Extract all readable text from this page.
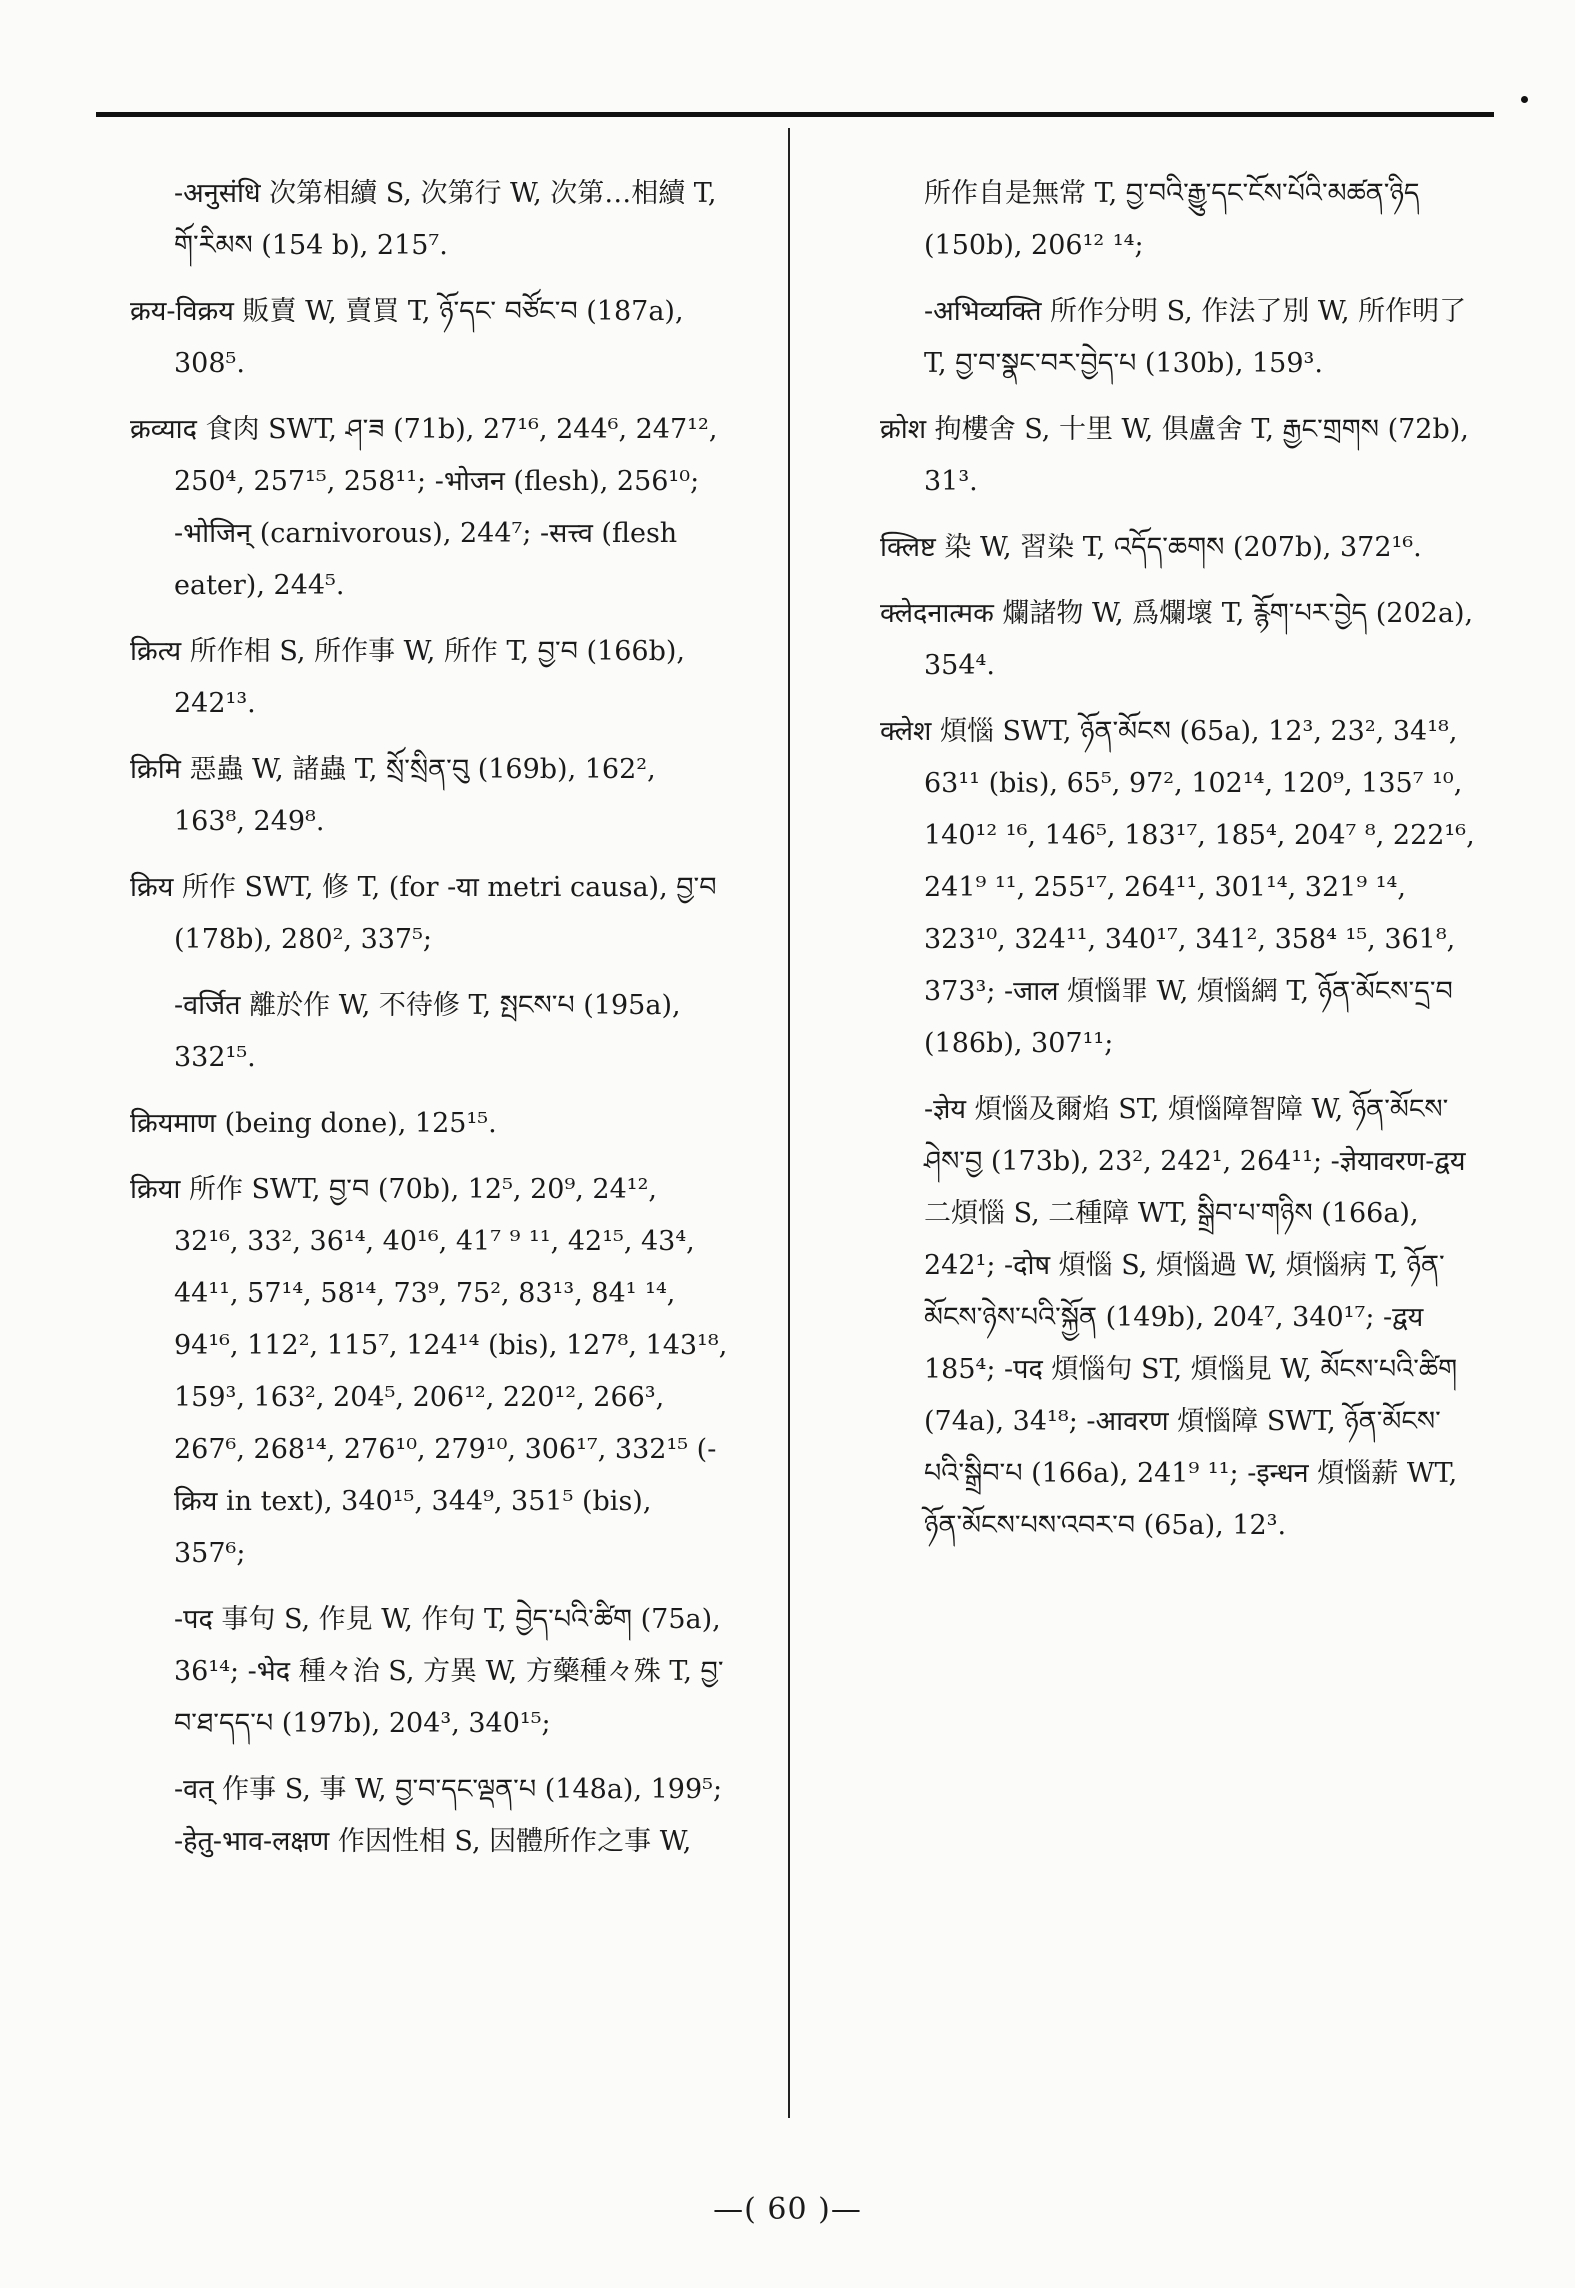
-अनुसंधि 次第相續 S, 次第行 W, 次第…相續 T, གོ་རིམས (154 b), 215⁷.
क्रय-विक्रय 販賣 W, 賣買 T, ཉོ་དང་ བཙོང་བ (187a), 308⁵.
क्रव्याद 食肉 SWT, ཤ་ཟ (71b), 27¹⁶, 244⁶, 247¹², 250⁴, 257¹⁵, 258¹¹; -भोजन (flesh), 256¹⁰; -भोजिन् (carnivorous), 244⁷; -सत्त्व (flesh eater), 244⁵.
क्रित्य 所作相 S, 所作事 W, 所作 T, བྱ་བ (166b), 242¹³.
क्रिमि 惡蟲 W, 諸蟲 T, སྲོ་སྲིན་བུ (169b), 162², 163⁸, 249⁸.
क्रिय 所作 SWT, 修 T, (for -या metri causa), བྱ་བ (178b), 280², 337⁵;
-वर्जित 離於作 W, 不待修 T, སྤངས་པ (195a), 332¹⁵.
क्रियमाण (being done), 125¹⁵.
क्रिया 所作 SWT, བྱ་བ (70b), 12⁵, 20⁹, 24¹², 32¹⁶, 33², 36¹⁴, 40¹⁶, 41⁷ ⁹ ¹¹, 42¹⁵, 43⁴, 44¹¹, 57¹⁴, 58¹⁴, 73⁹, 75², 83¹³, 84¹ ¹⁴, 94¹⁶, 112², 115⁷, 124¹⁴ (bis), 127⁸, 143¹⁸, 159³, 163², 204⁵, 206¹², 220¹², 266³, 267⁶, 268¹⁴, 276¹⁰, 279¹⁰, 306¹⁷, 332¹⁵ (-क्रिय in text), 340¹⁵, 344⁹, 351⁵ (bis), 357⁶;
-पद 事句 S, 作見 W, 作句 T, བྱེད་པའི་ཚིག (75a), 36¹⁴; -भेद 種々治 S, 方異 W, 方藥種々殊 T, བྱ་བ་ཐ་དད་པ (197b), 204³, 340¹⁵;
-वत् 作事 S, 事 W, བྱ་བ་དང་ལྡན་པ (148a), 199⁵; -हेतु-भाव-लक्षण 作因性相 S, 因體所作之事 W,
所作自是無常 T, བྱ་བའི་རྒྱུ་དང་ངོས་པོའི་མཚན་ཉིད (150b), 206¹² ¹⁴;
-अभिव्यक्ति 所作分明 S, 作法了別 W, 所作明了 T, བྱ་བ་སྣང་བར་བྱེད་པ (130b), 159³.
क्रोश 拘樓舍 S, 十里 W, 俱盧舍 T, རྒྱང་གྲགས (72b), 31³.
क्लिष्ट 染 W, 習染 T, འདོད་ཆགས (207b), 372¹⁶.
क्लेदनात्मक 爛諸物 W, 爲爛壞 T, རྙོག་པར་བྱེད (202a), 354⁴.
क्लेश 煩惱 SWT, ཉོན་མོངས (65a), 12³, 23², 34¹⁸, 63¹¹ (bis), 65⁵, 97², 102¹⁴, 120⁹, 135⁷ ¹⁰, 140¹² ¹⁶, 146⁵, 183¹⁷, 185⁴, 204⁷ ⁸, 222¹⁶, 241⁹ ¹¹, 255¹⁷, 264¹¹, 301¹⁴, 321⁹ ¹⁴, 323¹⁰, 324¹¹, 340¹⁷, 341², 358⁴ ¹⁵, 361⁸, 373³; -जाल 煩惱罪 W, 煩惱網 T, ཉོན་མོངས་དྲ་བ (186b), 307¹¹;
-ज्ञेय 煩惱及爾焰 ST, 煩惱障智障 W, ཉོན་མོངས་ཤེས་བྱ (173b), 23², 242¹, 264¹¹; -ज्ञेयावरण-द्वय 二煩惱 S, 二種障 WT, སྒྲིབ་པ་གཉིས (166a), 242¹; -दोष 煩惱 S, 煩惱過 W, 煩惱病 T, ཉོན་མོངས་ཉེས་པའི་སྐྱོན (149b), 204⁷, 340¹⁷; -द्वय 185⁴; -पद 煩惱句 ST, 煩惱見 W, མོངས་པའི་ཚིག (74a), 34¹⁸; -आवरण 煩惱障 SWT, ཉོན་མོངས་པའི་སྒྲིབ་པ (166a), 241⁹ ¹¹; -इन्धन 煩惱薪 WT, ཉོན་མོངས་པས་འབར་བ (65a), 12³.
—( 60 )—
